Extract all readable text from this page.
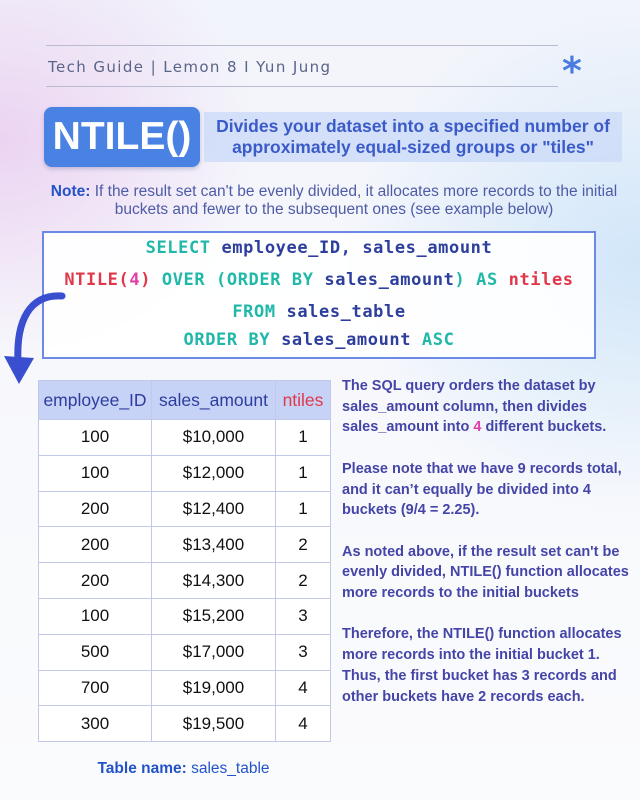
Tech Guide | Lemon 8 I Yun Jung	*
NTILE()	Divides your dataset into a specified number of
approximately equal-sized groups or "tiles"
Note: If the result set can't be evenly divided, it allocates more records to the initial
buckets and fewer to the subsequent ones (see example below)
SELECT employee_ID, sales_amount
NTILE(4) OVER (ORDER BY sales_amount) AS ntiles
FROM sales_table
ORDER BY sales_amount ASC
employee_ID	sales_amount	ntiles
100	$10,000	1
100	$12,000	1
200	$12,400	1
200	$13,400	2
200	$14,300	2
100	$15,200	3
500	$17,000	3
700	$19,000	4
300	$19,500	4
Table name: sales_table

The SQL query orders the dataset by sales_amount column, then divides sales_amount into 4 different buckets.

Please note that we have 9 records total, and it can’t equally be divided into 4 buckets (9/4 = 2.25).

As noted above, if the result set can't be evenly divided, NTILE() function allocates more records to the initial buckets

Therefore, the NTILE() function allocates more records into the initial bucket 1. Thus, the first bucket has 3 records and other buckets have 2 records each.
